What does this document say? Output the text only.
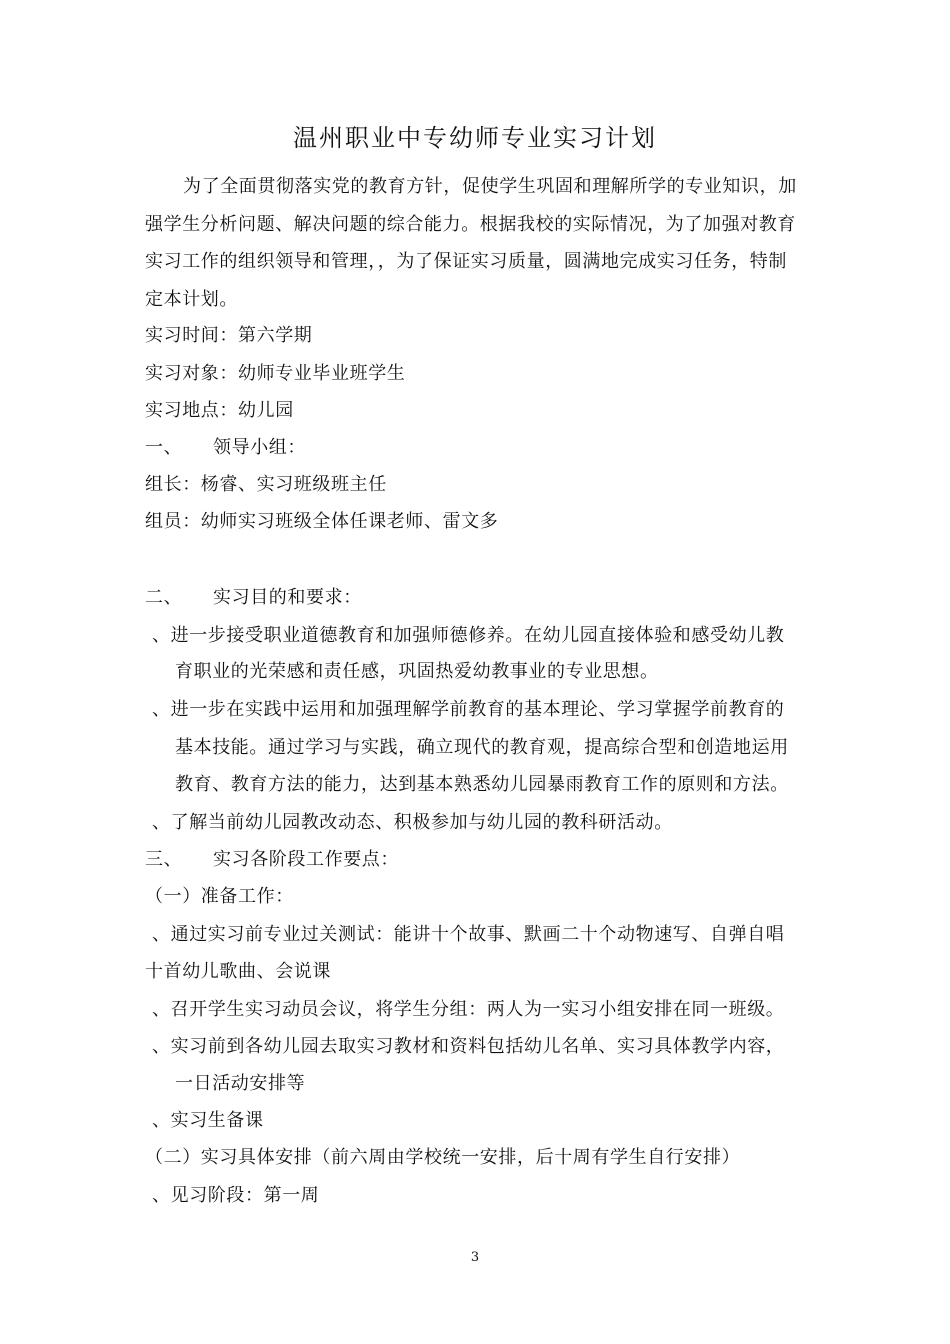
温州职业中专幼师专业实习计划
为了全面贯彻落实党的教育方针，促使学生巩固和理解所学的专业知识，加
强学生分析问题、解决问题的综合能力。根据我校的实际情况，为了加强对教育
实习工作的组织领导和管理，，为了保证实习质量，圆满地完成实习任务，特制
定本计划。
实习时间：第六学期
实习对象：幼师专业毕业班学生
实习地点：幼儿园
一、 领导小组：
组长：杨睿、实习班级班主任
组员：幼师实习班级全体任课老师、雷文多
二、 实习目的和要求：
、进一步接受职业道德教育和加强师德修养。在幼儿园直接体验和感受幼儿教
育职业的光荣感和责任感，巩固热爱幼教事业的专业思想。
、进一步在实践中运用和加强理解学前教育的基本理论、学习掌握学前教育的
基本技能。通过学习与实践，确立现代的教育观，提高综合型和创造地运用
教育、教育方法的能力，达到基本熟悉幼儿园暴雨教育工作的原则和方法。
、了解当前幼儿园教改动态、积极参加与幼儿园的教科研活动。
三、 实习各阶段工作要点：
（一）准备工作：
、通过实习前专业过关测试：能讲十个故事、默画二十个动物速写、自弹自唱
十首幼儿歌曲、会说课
、召开学生实习动员会议，将学生分组：两人为一实习小组安排在同一班级。
、实习前到各幼儿园去取实习教材和资料包括幼儿名单、实习具体教学内容，
一日活动安排等
、实习生备课
（二）实习具体安排（前六周由学校统一安排，后十周有学生自行安排）
、见习阶段：第一周
3
